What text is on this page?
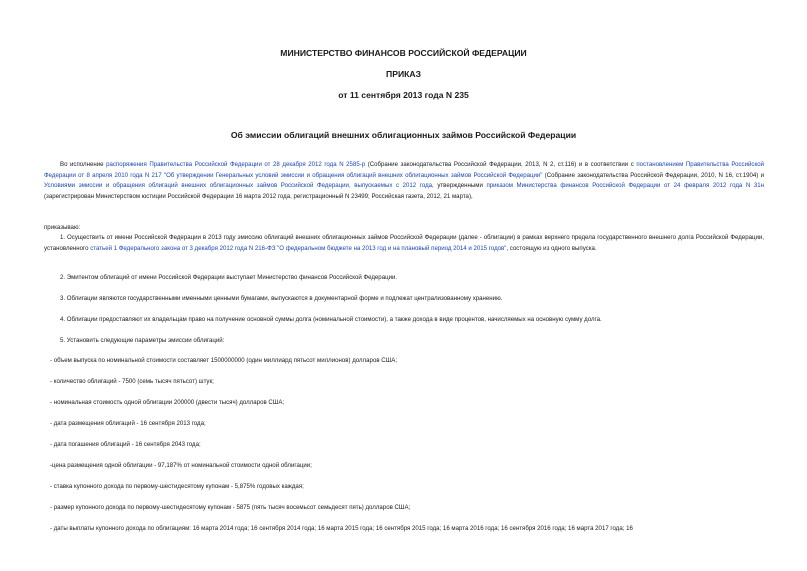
МИНИСТЕРСТВО ФИНАНСОВ РОССИЙСКОЙ ФЕДЕРАЦИИ
ПРИКАЗ
от 11 сентября 2013 года N 235
Об эмиссии облигаций внешних облигационных займов Российской Федерации
Во исполнение распоряжения Правительства Российской Федерации от 28 декабря 2012 года N 2585-р (Собрание законодательства Российской Федерации, 2013, N 2, ст.116) и в соответствии с постановлением Правительства Российской Федерации от 8 апреля 2010 года N 217 "Об утверждении Генеральных условий эмиссии и обращения облигаций внешних облигационных займов Российской Федерации" (Собрание законодательства Российской Федерации, 2010, N 16, ст.1904) и Условиями эмиссии и обращения облигаций внешних облигационных займов Российской Федерации, выпускаемых с 2012 года, утвержденными приказом Министерства финансов Российской Федерации от 24 февраля 2012 года N 31н (зарегистрирован Министерством юстиции Российской Федерации 16 марта 2012 года, регистрационный N 23499; Российская газета, 2012, 21 марта),
приказываю:
1. Осуществить от имени Российской Федерации в 2013 году эмиссию облигаций внешних облигационных займов Российской Федерации (далее - облигации) в рамках верхнего предела государственного внешнего долга Российской Федерации, установленного статьей 1 Федерального закона от 3 декабря 2012 года N 216-ФЗ "О федеральном бюджете на 2013 год и на плановый период 2014 и 2015 годов", состоящую из одного выпуска.
2. Эмитентом облигаций от имени Российской Федерации выступает Министерство финансов Российской Федерации.
3. Облигации являются государственными именными ценными бумагами, выпускаются в документарной форме и подлежат централизованному хранению.
4. Облигации предоставляют их владельцам право на получение основной суммы долга (номинальной стоимости), а также дохода в виде процентов, начисляемых на основную сумму долга.
5. Установить следующие параметры эмиссии облигаций:
- объем выпуска по номинальной стоимости составляет 1500000000 (один миллиард пятьсот миллионов) долларов США;
- количество облигаций - 7500 (семь тысяч пятьсот) штук;
- номинальная стоимость одной облигации 200000 (двести тысяч) долларов США;
- дата размещения облигаций - 16 сентября 2013 года;
- дата погашения облигаций - 16 сентября 2043 года;
-цена размещения одной облигации - 97,187% от номинальной стоимости одной облигации;
- ставка купонного дохода по первому-шестидесятому купонам - 5,875% годовых каждая;
- размер купонного дохода по первому-шестидесятому купонам - 5875 (пять тысяч восемьсот семьдесят пять) долларов США;
- даты выплаты купонного дохода по облигациям: 16 марта 2014 года; 16 сентября 2014 года; 16 марта 2015 года; 16 сентября 2015 года; 16 марта 2016 года; 16 сентября 2016 года; 16 марта 2017 года; 16
